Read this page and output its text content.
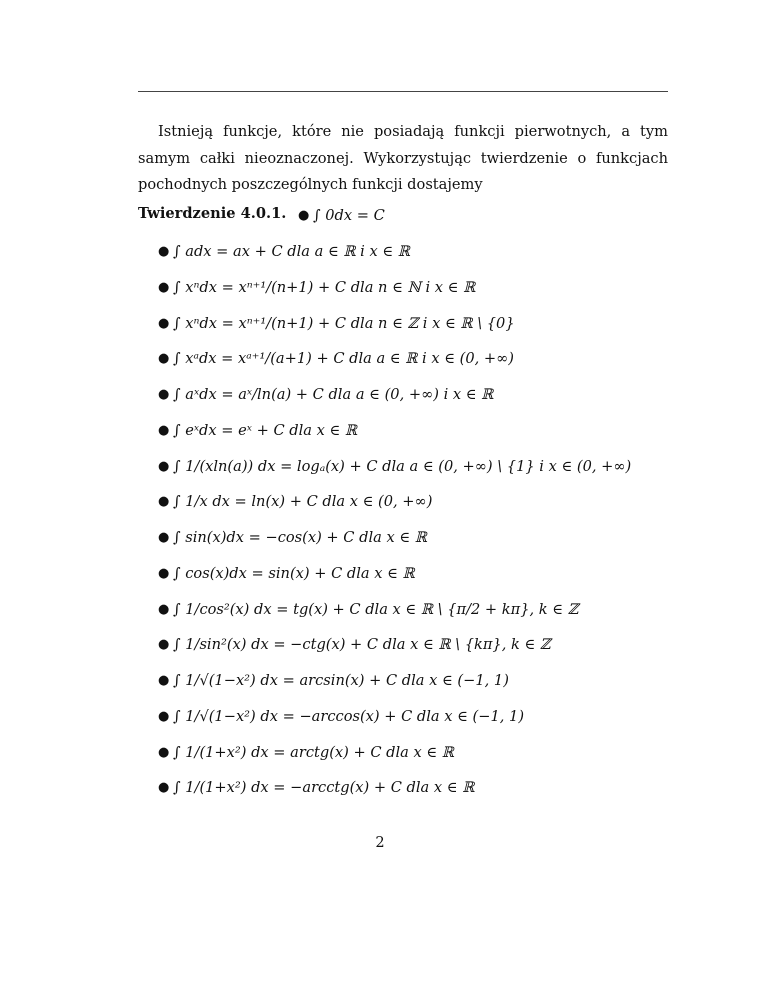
Istnieją funkcje, które nie posiadają funkcji pierwotnych, a tym samym całki nieoznaczonej. Wykorzystując twierdzenie o funkcjach pochodnych poszczególnych funkcji dostajemy

Twierdzenie 4.0.1. ● ∫ 0dx = C
● ∫ adx = ax + C dla a ∈ ℝ i x ∈ ℝ
● ∫ xⁿdx = xⁿ⁺¹/(n+1) + C dla n ∈ ℕ i x ∈ ℝ
● ∫ xⁿdx = xⁿ⁺¹/(n+1) + C dla n ∈ ℤ i x ∈ ℝ \ {0}
● ∫ xᵃdx = xᵃ⁺¹/(a+1) + C dla a ∈ ℝ i x ∈ (0, +∞)
● ∫ aˣdx = aˣ/ln(a) + C dla a ∈ (0, +∞) i x ∈ ℝ
● ∫ eˣdx = eˣ + C dla x ∈ ℝ
● ∫ 1/(xln(a)) dx = logₐ(x) + C dla a ∈ (0, +∞) \ {1} i x ∈ (0, +∞)
● ∫ 1/x dx = ln(x) + C dla x ∈ (0, +∞)
● ∫ sin(x)dx = −cos(x) + C dla x ∈ ℝ
● ∫ cos(x)dx = sin(x) + C dla x ∈ ℝ
● ∫ 1/cos²(x) dx = tg(x) + C dla x ∈ ℝ \ {π/2 + kπ}, k ∈ ℤ
● ∫ 1/sin²(x) dx = −ctg(x) + C dla x ∈ ℝ \ {kπ}, k ∈ ℤ
● ∫ 1/√(1−x²) dx = arcsin(x) + C dla x ∈ (−1, 1)
● ∫ 1/√(1−x²) dx = −arccos(x) + C dla x ∈ (−1, 1)
● ∫ 1/(1+x²) dx = arctg(x) + C dla x ∈ ℝ
● ∫ 1/(1+x²) dx = −arcctg(x) + C dla x ∈ ℝ
2
